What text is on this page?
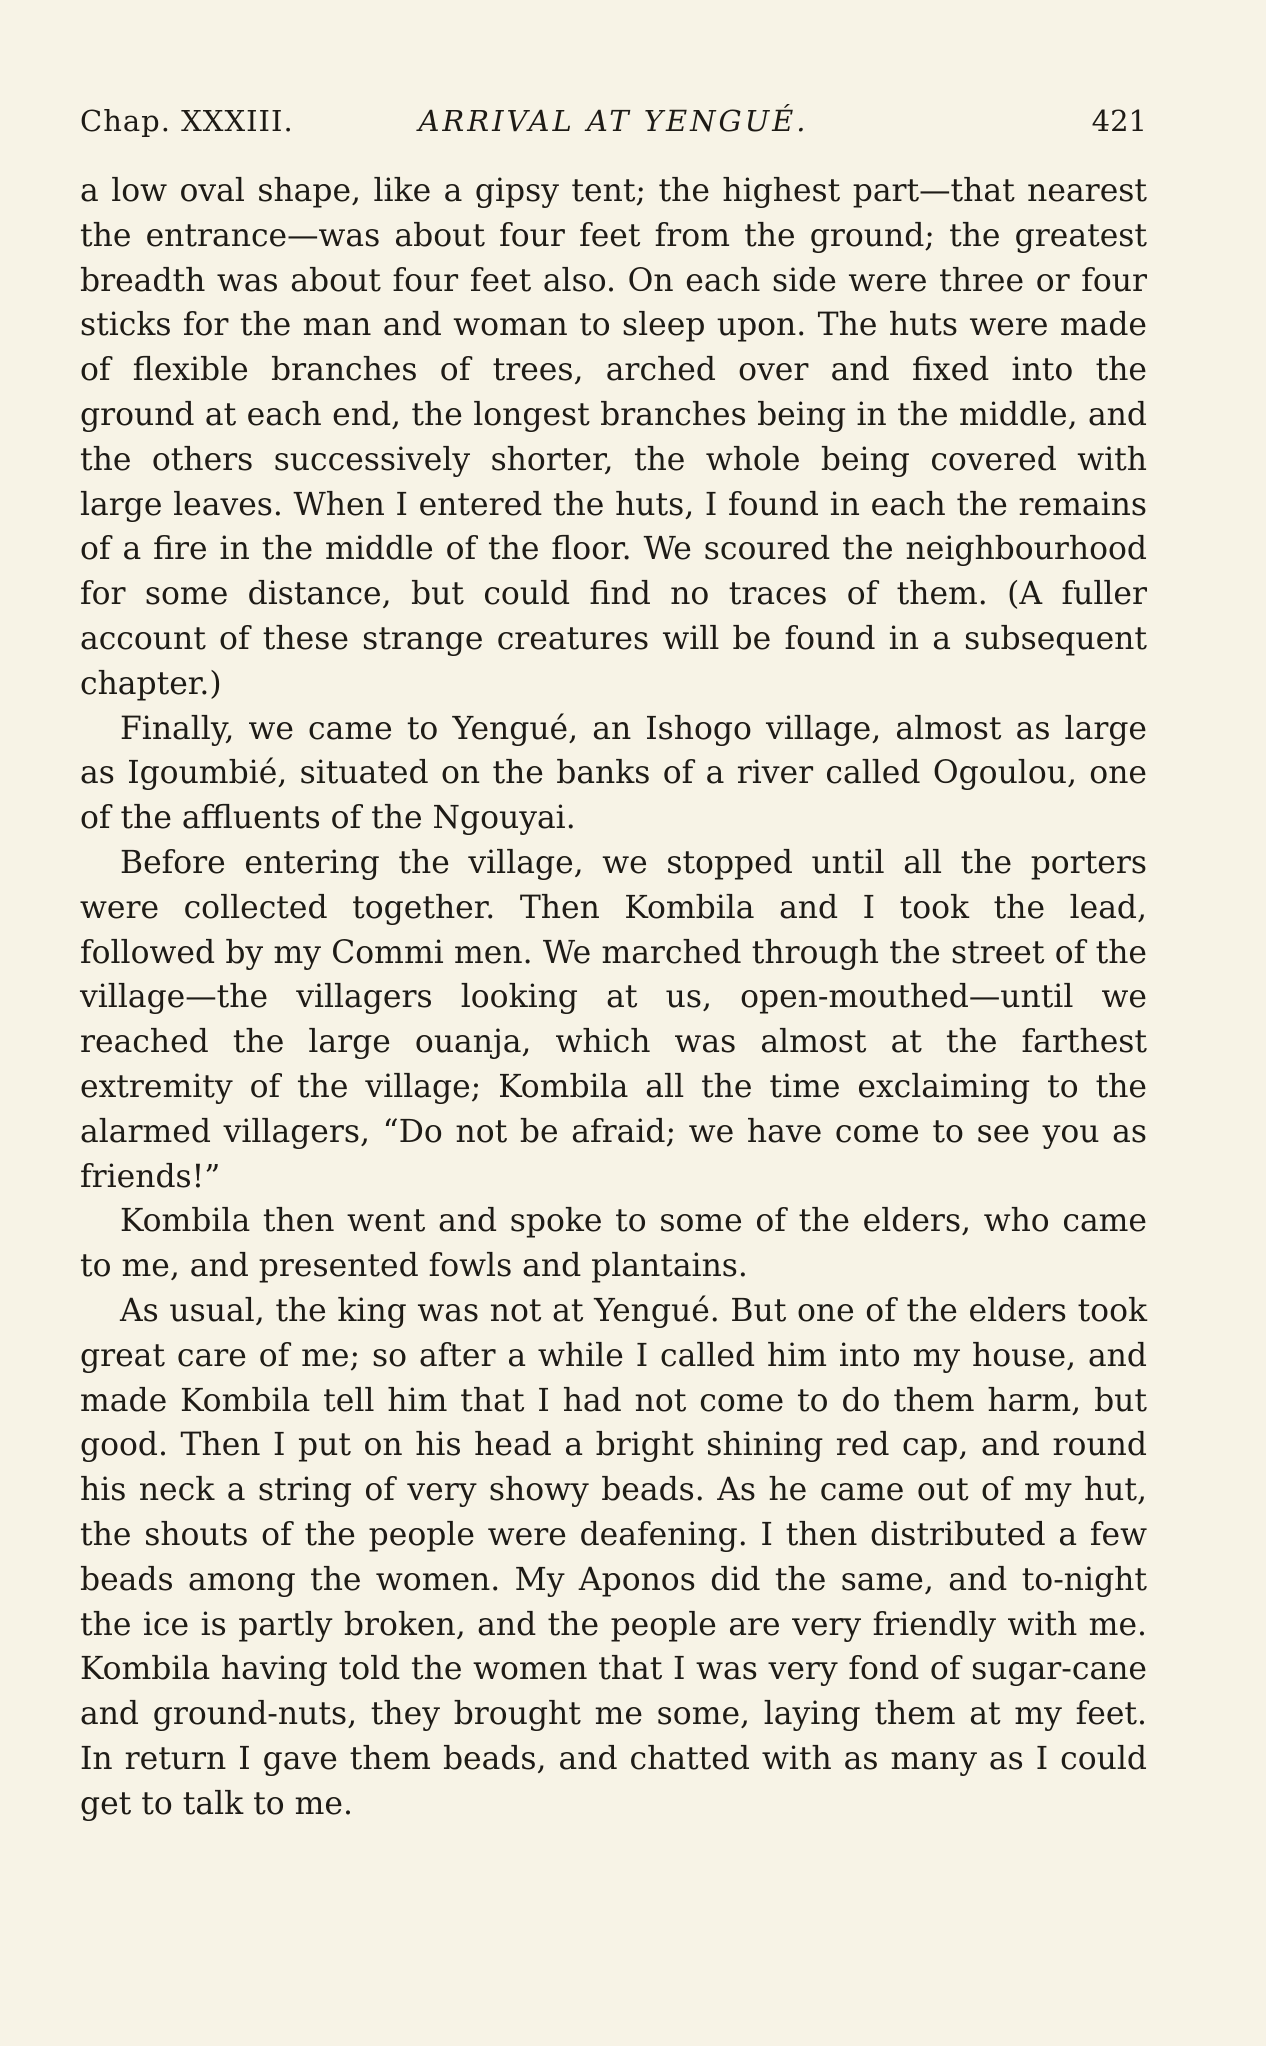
Chap. XXXIII.	ARRIVAL AT YENGUÉ.	421

a low oval shape, like a gipsy tent; the highest part—that nearest the entrance—was about four feet from the ground; the greatest breadth was about four feet also. On each side were three or four sticks for the man and woman to sleep upon. The huts were made of flexible branches of trees, arched over and fixed into the ground at each end, the longest branches being in the middle, and the others successively shorter, the whole being covered with large leaves. When I entered the huts, I found in each the remains of a fire in the middle of the floor. We scoured the neighbourhood for some distance, but could find no traces of them. (A fuller account of these strange creatures will be found in a subsequent chapter.)

Finally, we came to Yengué, an Ishogo village, almost as large as Igoumbié, situated on the banks of a river called Ogoulou, one of the affluents of the Ngouyai.

Before entering the village, we stopped until all the porters were collected together. Then Kombila and I took the lead, followed by my Commi men. We marched through the street of the village—the villagers looking at us, open-mouthed—until we reached the large ouanja, which was almost at the farthest extremity of the village; Kombila all the time exclaiming to the alarmed villagers, “Do not be afraid; we have come to see you as friends!”

Kombila then went and spoke to some of the elders, who came to me, and presented fowls and plantains.

As usual, the king was not at Yengué. But one of the elders took great care of me; so after a while I called him into my house, and made Kombila tell him that I had not come to do them harm, but good. Then I put on his head a bright shining red cap, and round his neck a string of very showy beads. As he came out of my hut, the shouts of the people were deafening. I then distributed a few beads among the women. My Aponos did the same, and to-night the ice is partly broken, and the people are very friendly with me. Kombila having told the women that I was very fond of sugar-cane and ground-nuts, they brought me some, laying them at my feet. In return I gave them beads, and chatted with as many as I could get to talk to me.
